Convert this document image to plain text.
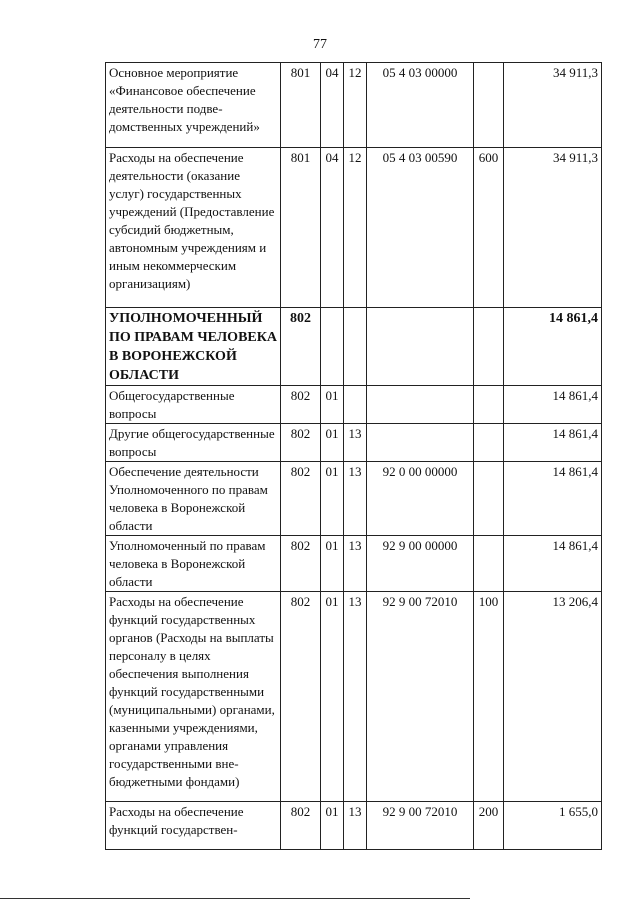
77
Основное мероприятие «Финансовое обеспечение деятельности подведомственных учреждений»	801	04	12	05 4 03 00000		34 911,3
Расходы на обеспечение деятельности (оказание услуг) государственных учреждений (Предоставление субсидий бюджетным, автономным учреждениям и иным некоммерческим организациям)	801	04	12	05 4 03 00590	600	34 911,3
УПОЛНОМОЧЕННЫЙ ПО ПРАВАМ ЧЕЛОВЕКА В ВОРОНЕЖСКОЙ ОБЛАСТИ	802					14 861,4
Общегосударственные вопросы	802	01				14 861,4
Другие общегосударственные вопросы	802	01	13			14 861,4
Обеспечение деятельности Уполномоченного по правам человека в Воронежской области	802	01	13	92 0 00 00000		14 861,4
Уполномоченный по правам человека в Воронежской области	802	01	13	92 9 00 00000		14 861,4
Расходы на обеспечение функций государственных органов (Расходы на выплаты персоналу в целях обеспечения выполнения функций государственными (муниципальными) органами, казенными учреждениями, органами управления государственными внебюджетными фондами)	802	01	13	92 9 00 72010	100	13 206,4
Расходы на обеспечение функций государствен-	802	01	13	92 9 00 72010	200	1 655,0
